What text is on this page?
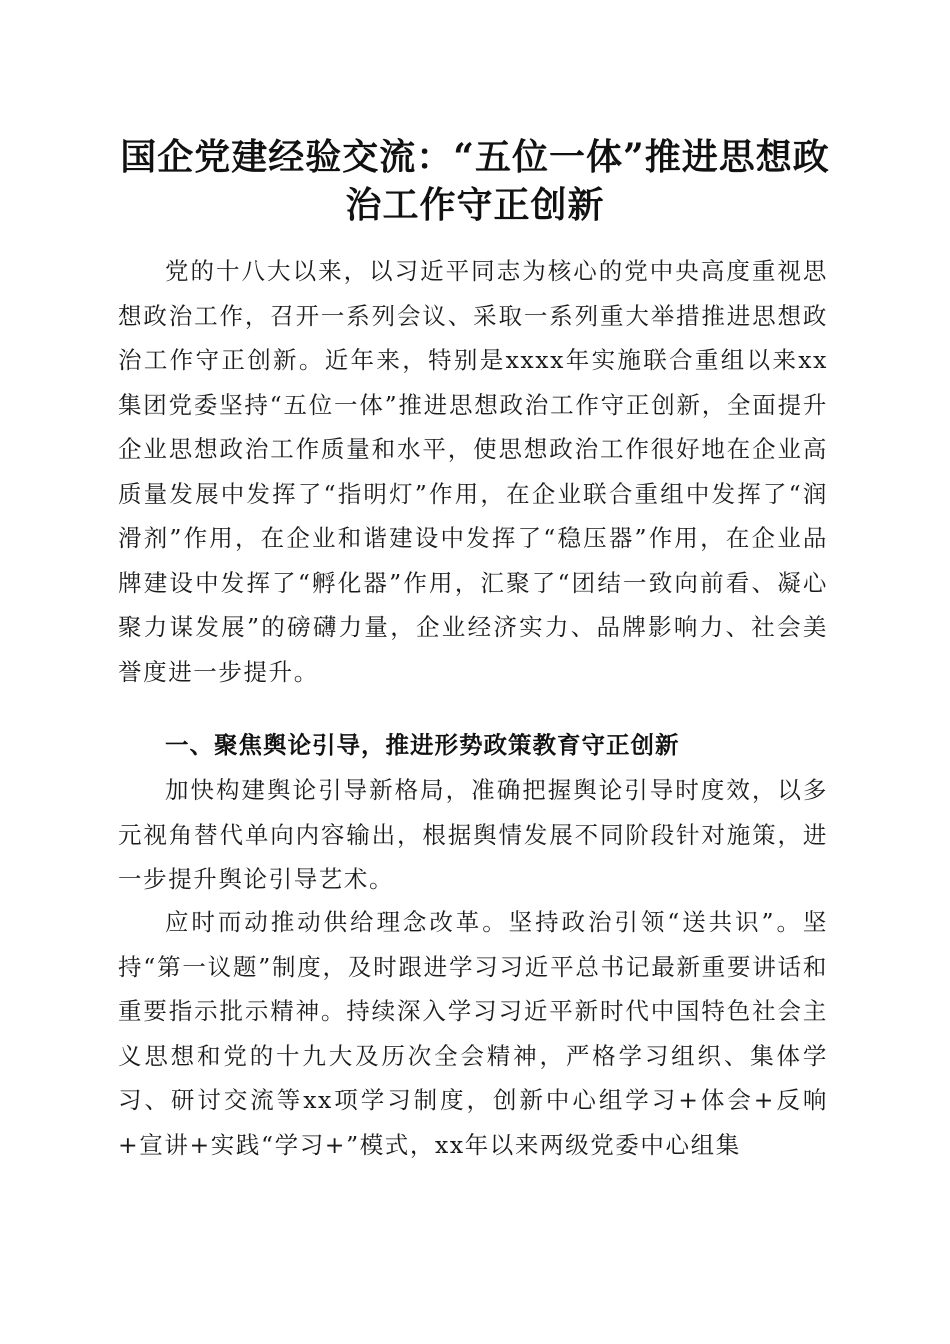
国企党建经验交流：“五位一体”推进思想政治工作守正创新

党的十八大以来，以习近平同志为核心的党中央高度重视思想政治工作，召开一系列会议、采取一系列重大举措推进思想政治工作守正创新。近年来，特别是xxxx年实施联合重组以来xx集团党委坚持“五位一体”推进思想政治工作守正创新，全面提升企业思想政治工作质量和水平，使思想政治工作很好地在企业高质量发展中发挥了“指明灯”作用，在企业联合重组中发挥了“润滑剂”作用，在企业和谐建设中发挥了“稳压器”作用，在企业品牌建设中发挥了“孵化器”作用，汇聚了“团结一致向前看、凝心聚力谋发展”的磅礴力量，企业经济实力、品牌影响力、社会美誉度进一步提升。

一、聚焦舆论引导，推进形势政策教育守正创新

加快构建舆论引导新格局，准确把握舆论引导时度效，以多元视角替代单向内容输出，根据舆情发展不同阶段针对施策，进一步提升舆论引导艺术。

应时而动推动供给理念改革。坚持政治引领“送共识”。坚持“第一议题”制度，及时跟进学习习近平总书记最新重要讲话和重要指示批示精神。持续深入学习习近平新时代中国特色社会主义思想和党的十九大及历次全会精神，严格学习组织、集体学习、研讨交流等xx项学习制度，创新中心组学习+体会+反响+宣讲+实践“学习+”模式，xx年以来两级党委中心组集
